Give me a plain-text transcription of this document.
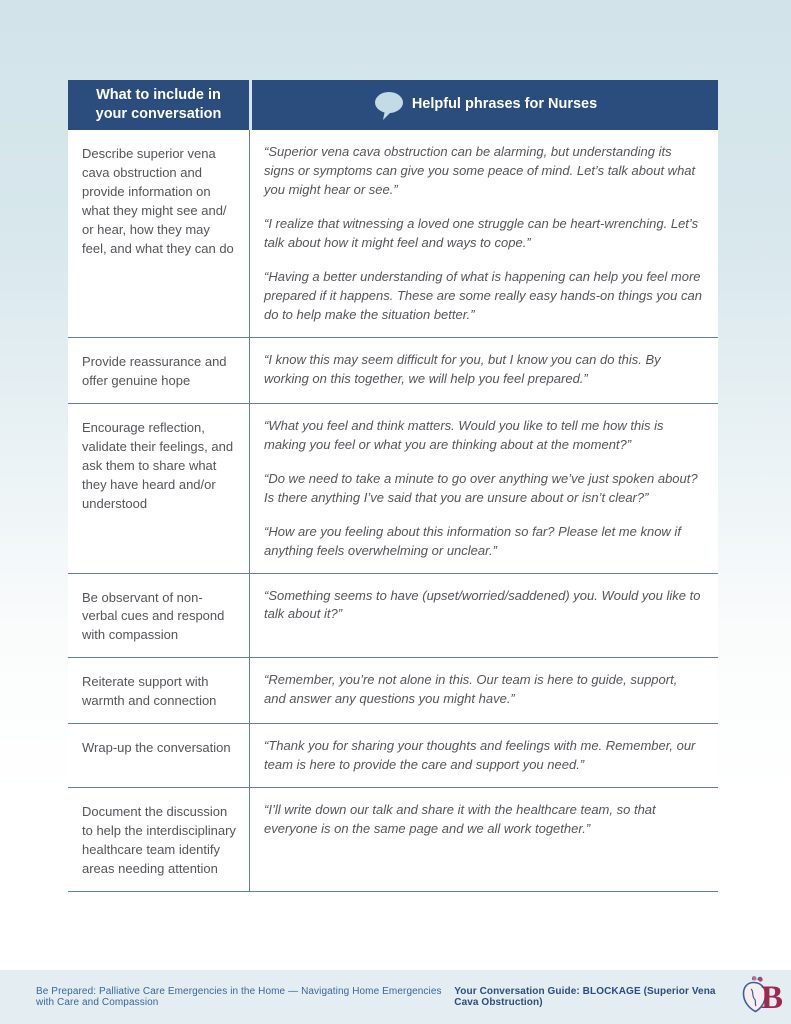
What to include in your conversation
Helpful phrases for Nurses
Describe superior vena cava obstruction and provide information on what they might see and/ or hear, how they may feel, and what they can do

“Superior vena cava obstruction can be alarming, but understanding its signs or symptoms can give you some peace of mind. Let’s talk about what you might hear or see.”

“I realize that witnessing a loved one struggle can be heart-wrenching. Let’s talk about how it might feel and ways to cope.”

“Having a better understanding of what is happening can help you feel more prepared if it happens. These are some really easy hands-on things you can do to help make the situation better.”

Provide reassurance and offer genuine hope

“I know this may seem difficult for you, but I know you can do this. By working on this together, we will help you feel prepared.”

Encourage reflection, validate their feelings, and ask them to share what they have heard and/or understood

“What you feel and think matters. Would you like to tell me how this is making you feel or what you are thinking about at the moment?”

“Do we need to take a minute to go over anything we’ve just spoken about? Is there anything I’ve said that you are unsure about or isn’t clear?”

“How are you feeling about this information so far? Please let me know if anything feels overwhelming or unclear.”

Be observant of non-verbal cues and respond with compassion

“Something seems to have (upset/worried/saddened) you. Would you like to talk about it?”

Reiterate support with warmth and connection

“Remember, you’re not alone in this. Our team is here to guide, support, and answer any questions you might have.”

Wrap-up the conversation	“Thank you for sharing your thoughts and feelings with me. Remember, our team is here to provide the care and support you need.”

Document the discussion to help the interdisciplinary healthcare team identify areas needing attention

“I’ll write down our talk and share it with the healthcare team, so that everyone is on the same page and we all work together.”

Be Prepared: Palliative Care Emergencies in the Home — Navigating Home Emergencies with Care and Compassion
Your Conversation Guide: BLOCKAGE (Superior Vena Cava Obstruction)	B
